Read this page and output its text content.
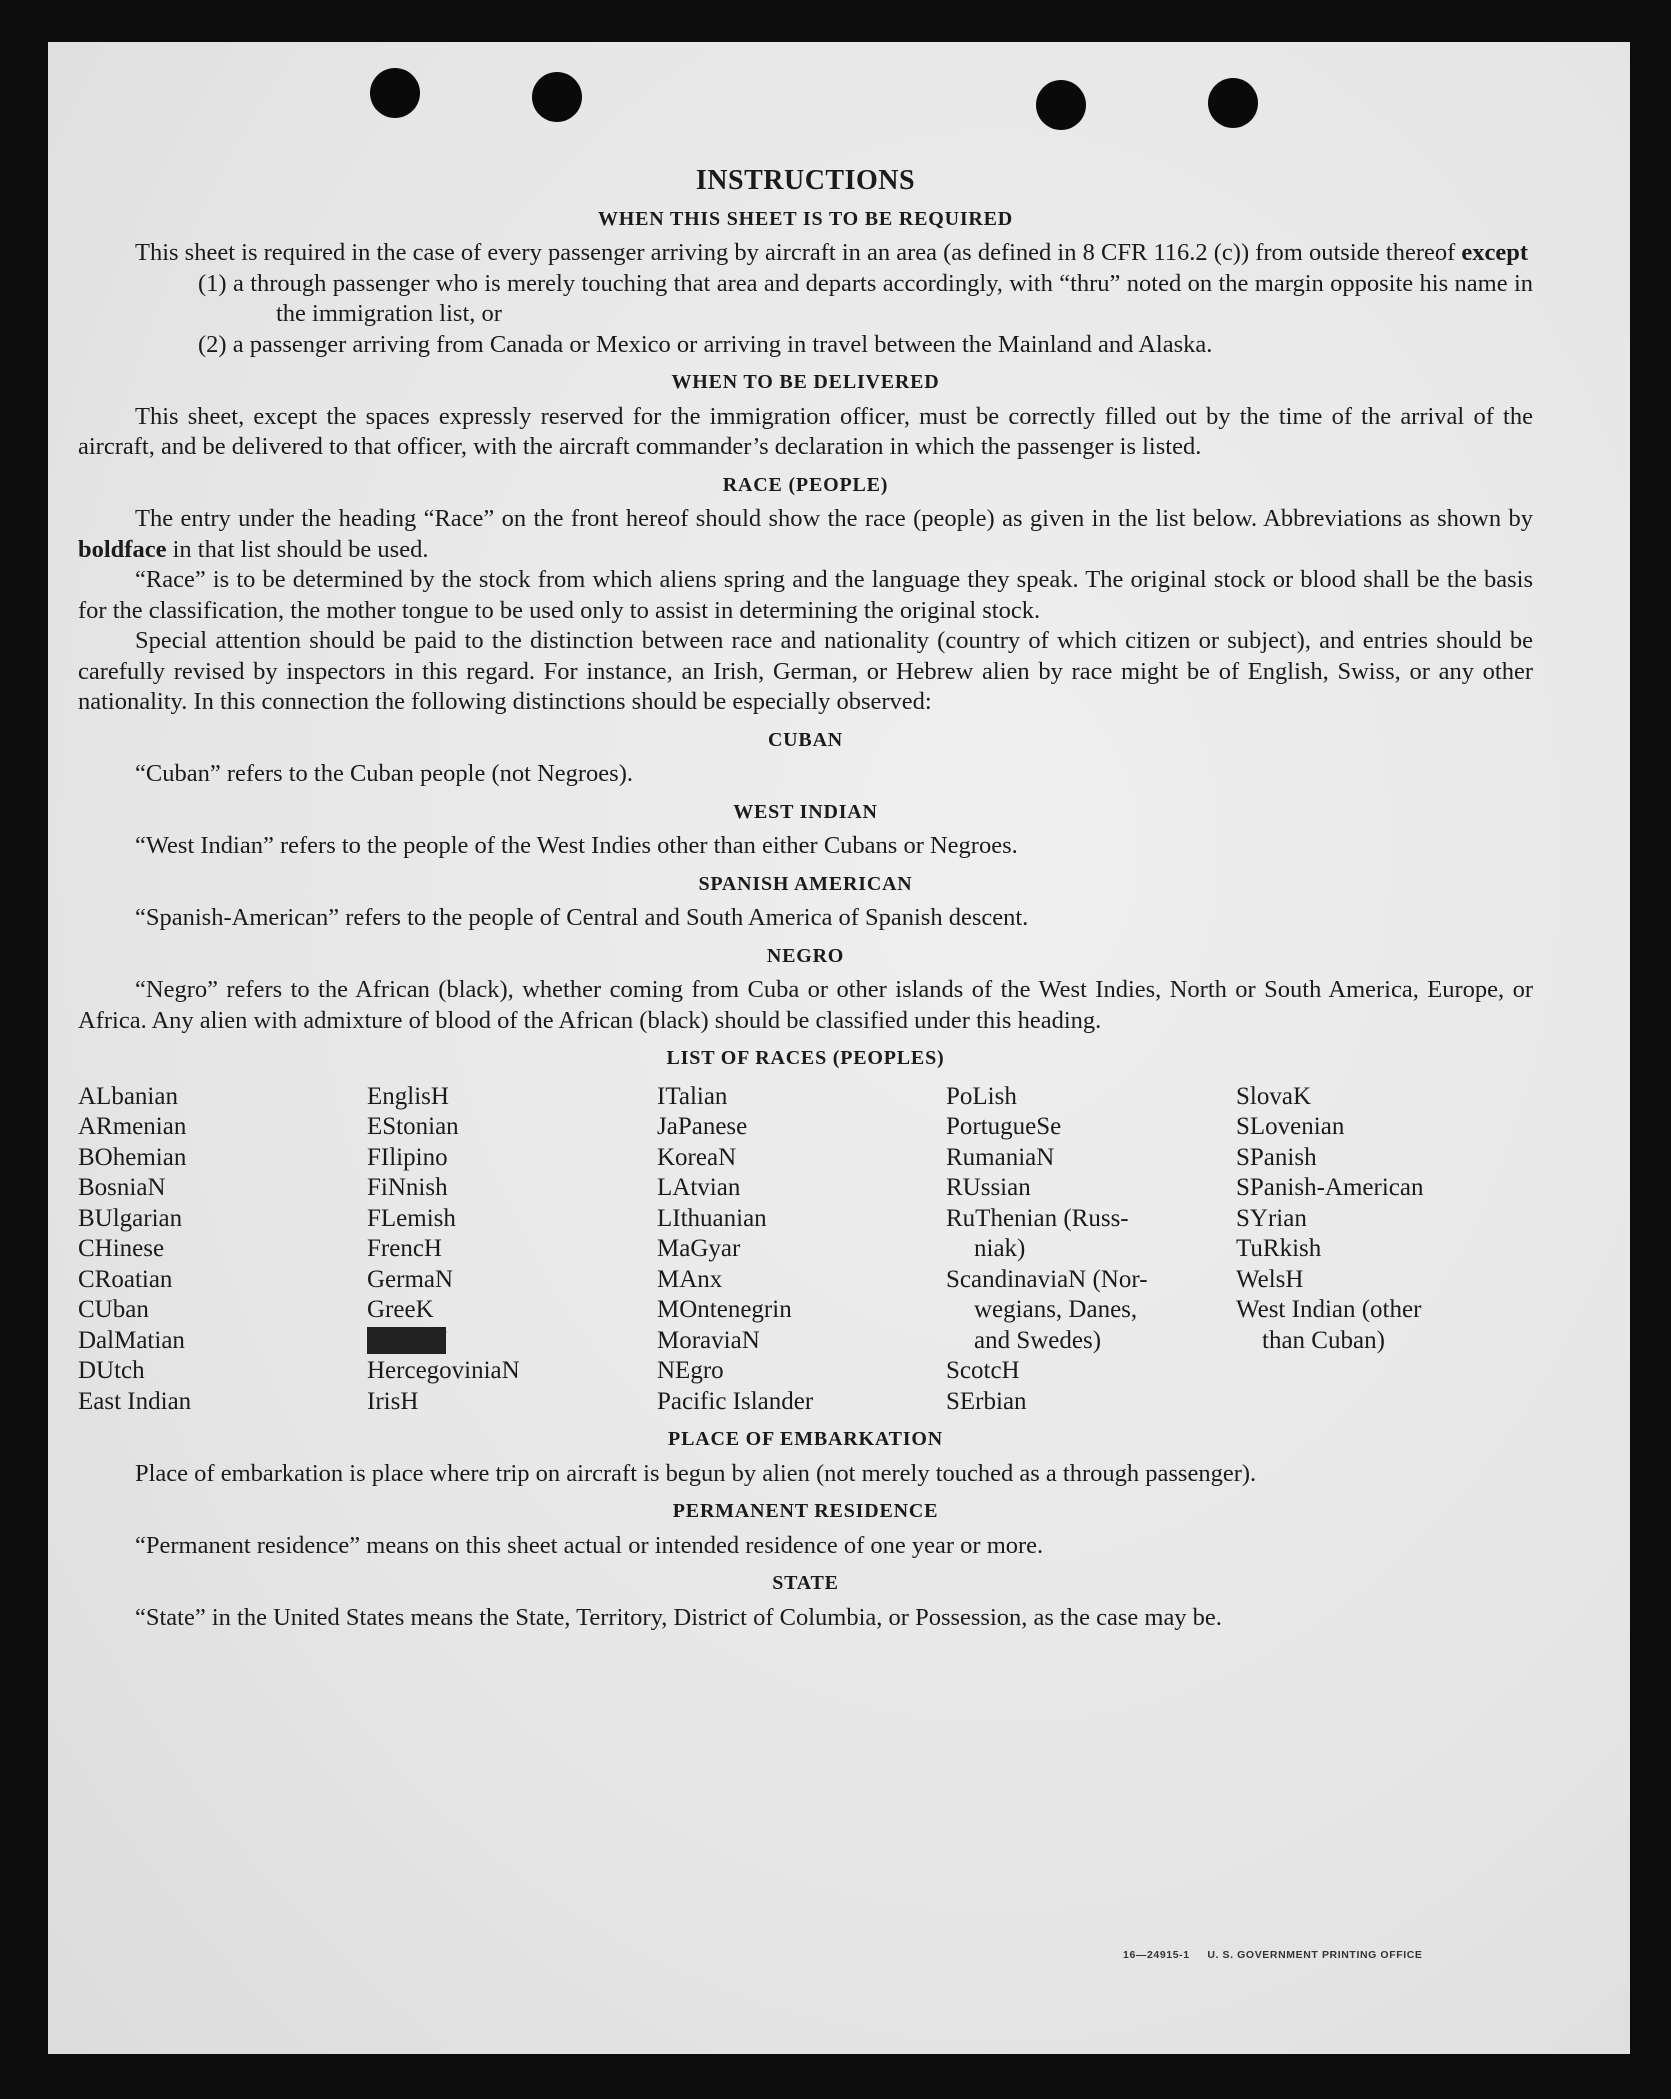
INSTRUCTIONS
WHEN THIS SHEET IS TO BE REQUIRED

This sheet is required in the case of every passenger arriving by aircraft in an area (as defined in 8 CFR 116.2 (c)) from outside thereof except

(1) a through passenger who is merely touching that area and departs accordingly, with “thru” noted on the margin opposite his name in the immigration list, or

(2) a passenger arriving from Canada or Mexico or arriving in travel between the Mainland and Alaska.

WHEN TO BE DELIVERED

This sheet, except the spaces expressly reserved for the immigration officer, must be correctly filled out by the time of the arrival of the aircraft, and be delivered to that officer, with the aircraft commander’s declaration in which the passenger is listed.

RACE (PEOPLE)

The entry under the heading “Race” on the front hereof should show the race (people) as given in the list below. Abbreviations as shown by boldface in that list should be used.

“Race” is to be determined by the stock from which aliens spring and the language they speak. The original stock or blood shall be the basis for the classification, the mother tongue to be used only to assist in determining the original stock.

Special attention should be paid to the distinction between race and nationality (country of which citizen or subject), and entries should be carefully revised by inspectors in this regard. For instance, an Irish, German, or Hebrew alien by race might be of English, Swiss, or any other nationality. In this connection the following distinctions should be especially observed:

CUBAN

“Cuban” refers to the Cuban people (not Negroes).

WEST INDIAN

“West Indian” refers to the people of the West Indies other than either Cubans or Negroes.

SPANISH AMERICAN

“Spanish-American” refers to the people of Central and South America of Spanish descent.

NEGRO

“Negro” refers to the African (black), whether coming from Cuba or other islands of the West Indies, North or South America, Europe, or Africa. Any alien with admixture of blood of the African (black) should be classified under this heading.

LIST OF RACES (PEOPLES)
ALbanian
ARmenian
BOhemian
BosniaN
BUlgarian
CHinese
CRoatian
CUban
DalMatian
DUtch
East Indian
EnglisH
EStonian
FIlipino
FiNnish
FLemish
FrencH
GermaN
GreeK
HebreW
HercegoviniaN
IrisH
ITalian
JaPanese
KoreaN
LAtvian
LIthuanian
MaGyar
MAnx
MOntenegrin
MoraviaN
NEgro
Pacific Islander
PoLish
PortugueSe
RumaniaN
RUssian
RuThenian (Russ-
niak)
ScandinaviaN (Nor-
wegians, Danes,
and Swedes)
ScotcH
SErbian
SlovaK
SLovenian
SPanish
SPanish-American
SYrian
TuRkish
WelsH
West Indian (other
than Cuban)
PLACE OF EMBARKATION

Place of embarkation is place where trip on aircraft is begun by alien (not merely touched as a through passenger).

PERMANENT RESIDENCE

“Permanent residence” means on this sheet actual or intended residence of one year or more.

STATE

“State” in the United States means the State, Territory, District of Columbia, or Possession, as the case may be.

16—24915-1 U. S. GOVERNMENT PRINTING OFFICE
